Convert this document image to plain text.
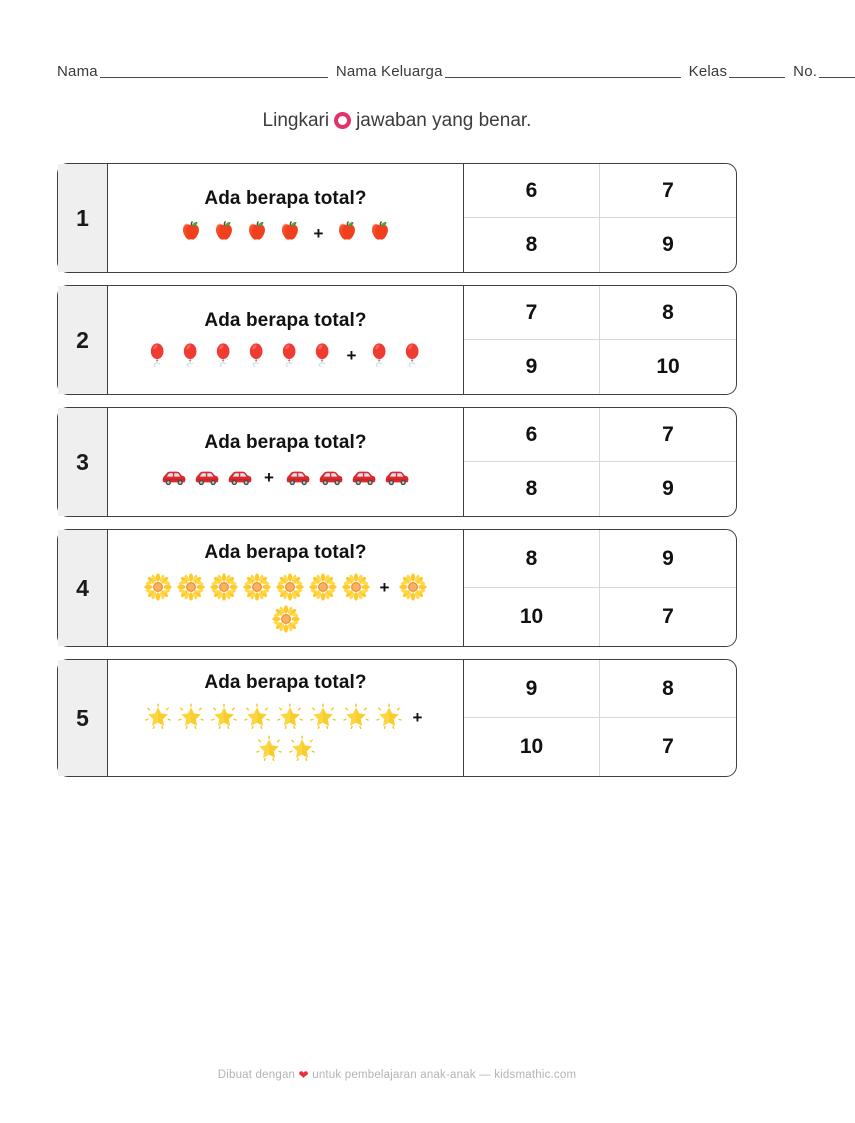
Nama	Nama Keluarga	Kelas	No.
Lingkari jawaban yang benar.
1
Ada berapa total?
+
6	7
8	9
2
Ada berapa total?
+
7	8
9	10
3
Ada berapa total?
+
6	7
8	9
4
Ada berapa total?
+
8	9
10	7
5
Ada berapa total?
+
9	8
10	7
Dibuat dengan ❤ untuk pembelajaran anak-anak — kidsmathic.com
